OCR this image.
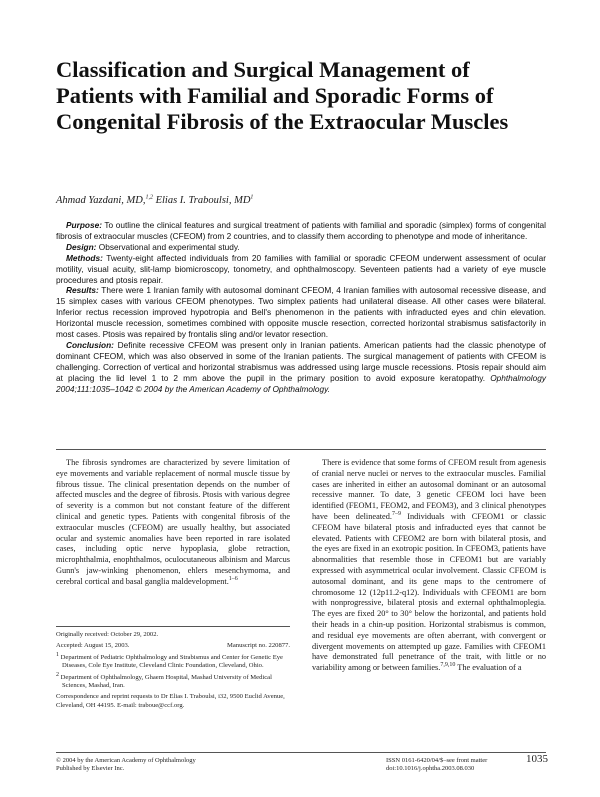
Classification and Surgical Management of Patients with Familial and Sporadic Forms of Congenital Fibrosis of the Extraocular Muscles

Ahmad Yazdani, MD,$^{1,2}$ Elias I. Traboulsi, $MD^1$

Purpose: To outline the clinical features and surgical treatment of patients with familial and sporadic (simplex) forms of congenital fibrosis of extraocular muscles (CFEOM) from 2 countries, and to classify them according to phenotype and mode of inheritance.

Design: Observational and experimental study.

Methods: Twenty-eight affected individuals from 20 families with familial or sporadic CFEOM underwent assessment of ocular motility, visual acuity, slit-lamp biomicroscopy, tonometry, and ophthalmoscopy. Seventeen patients had a variety of eye muscle procedures and ptosis repair.

Results: There were 1 Iranian family with autosomal dominant CFEOM, 4 Iranian families with autosomal recessive disease, and 15 simplex cases with various CFEOM phenotypes. Two simplex patients had unilateral disease. All other cases were bilateral. Inferior rectus recession improved hypotropia and Bell's phenomenon in the patients with infraducted eyes and chin elevation. Horizontal muscle recession, sometimes combined with opposite muscle resection, corrected horizontal strabismus satisfactorily in most cases. Ptosis was repaired by frontalis sling and/or levator resection.

Conclusion: Definite recessive CFEOM was present only in Iranian patients. American patients had the classic phenotype of dominant CFEOM, which was also observed in some of the Iranian patients. The surgical management of patients with CFEOM is challenging. Correction of vertical and horizontal strabismus was addressed using large muscle recessions. Ptosis repair should aim at placing the lid level 1 to 2 mm above the pupil in the primary position to avoid exposure keratopathy. Ophthalmology 2004;111:1035–1042 © 2004 by the American Academy of Ophthalmology.

The fibrosis syndromes are characterized by severe limitation of eye movements and variable replacement of normal muscle tissue by fibrous tissue. The clinical presentation depends on the number of affected muscles and the degree of fibrosis. Ptosis with various degree of severity is a common but not constant feature of the different clinical and genetic types. Patients with congenital fibrosis of the extraocular muscles (CFEOM) are usually healthy, but associated ocular and systemic anomalies have been reported in rare isolated cases, including optic nerve hypoplasia, globe retraction, microphthalmia, enophthalmos, oculocutaneous albinism and Marcus Gunn's jaw-winking phenomenon, ehlers mesenchymoma, and cerebral cortical and basal ganglia maldevelopment.$^{1-6}$

There is evidence that some forms of CFEOM result from agenesis of cranial nerve nuclei or nerves to the extraocular muscles. Familial cases are inherited in either an autosomal dominant or an autosomal recessive manner. To date, 3 genetic CFEOM loci have been identified (FEOM1, FEOM2, and FEOM3), and 3 clinical phenotypes have been delineated.$^{7-9}$ Individuals with CFEOM1 or classic CFEOM have bilateral ptosis and infraducted eyes that cannot be elevated. Patients with CFEOM2 are born with bilateral ptosis, and the eyes are fixed in an exotropic position. In CFEOM3, patients have abnormalities that resemble those in CFEOM1 but are variably expressed with asymmetrical ocular involvement. Classic CFEOM is autosomal dominant, and its gene maps to the centromere of chromosome 12 (12p11.2-q12). Individuals with CFEOM1 are born with nonprogressive, bilateral ptosis and external ophthalmoplegia. The eyes are fixed 20° to 30° below the horizontal, and patients hold their heads in a chin-up position. Horizontal strabismus is common, and residual eye movements are often aberrant, with convergent or divergent movements on attempted up gaze. Families with CFEOM1 have demonstrated full penetrance of the trait, with little or no variability among or between families.$^{7,9,10}$ The evaluation of a

Originally received: October 29, 2002.

Accepted: August 15, 2003.	Manuscript no. 220877.

$^1$ Department of Pediatric Ophthalmology and Strabismus and Center for Genetic Eye Diseases, Cole Eye Institute, Cleveland Clinic Foundation, Cleveland, Ohio.

$^2$ Department of Ophthalmology, Ghaem Hospital, Mashad University of Medical Sciences, Mashad, Iran.

Correspondence and reprint requests to Dr Elias I. Traboulsi, i32, 9500 Euclid Avenue, Cleveland, OH 44195. E-mail: traboue@ccf.org.

© 2004 by the American Academy of Ophthalmology
Published by Elsevier Inc.
ISSN 0161-6420/04/$–see front matter
doi:10.1016/j.ophtha.2003.08.030
1035
